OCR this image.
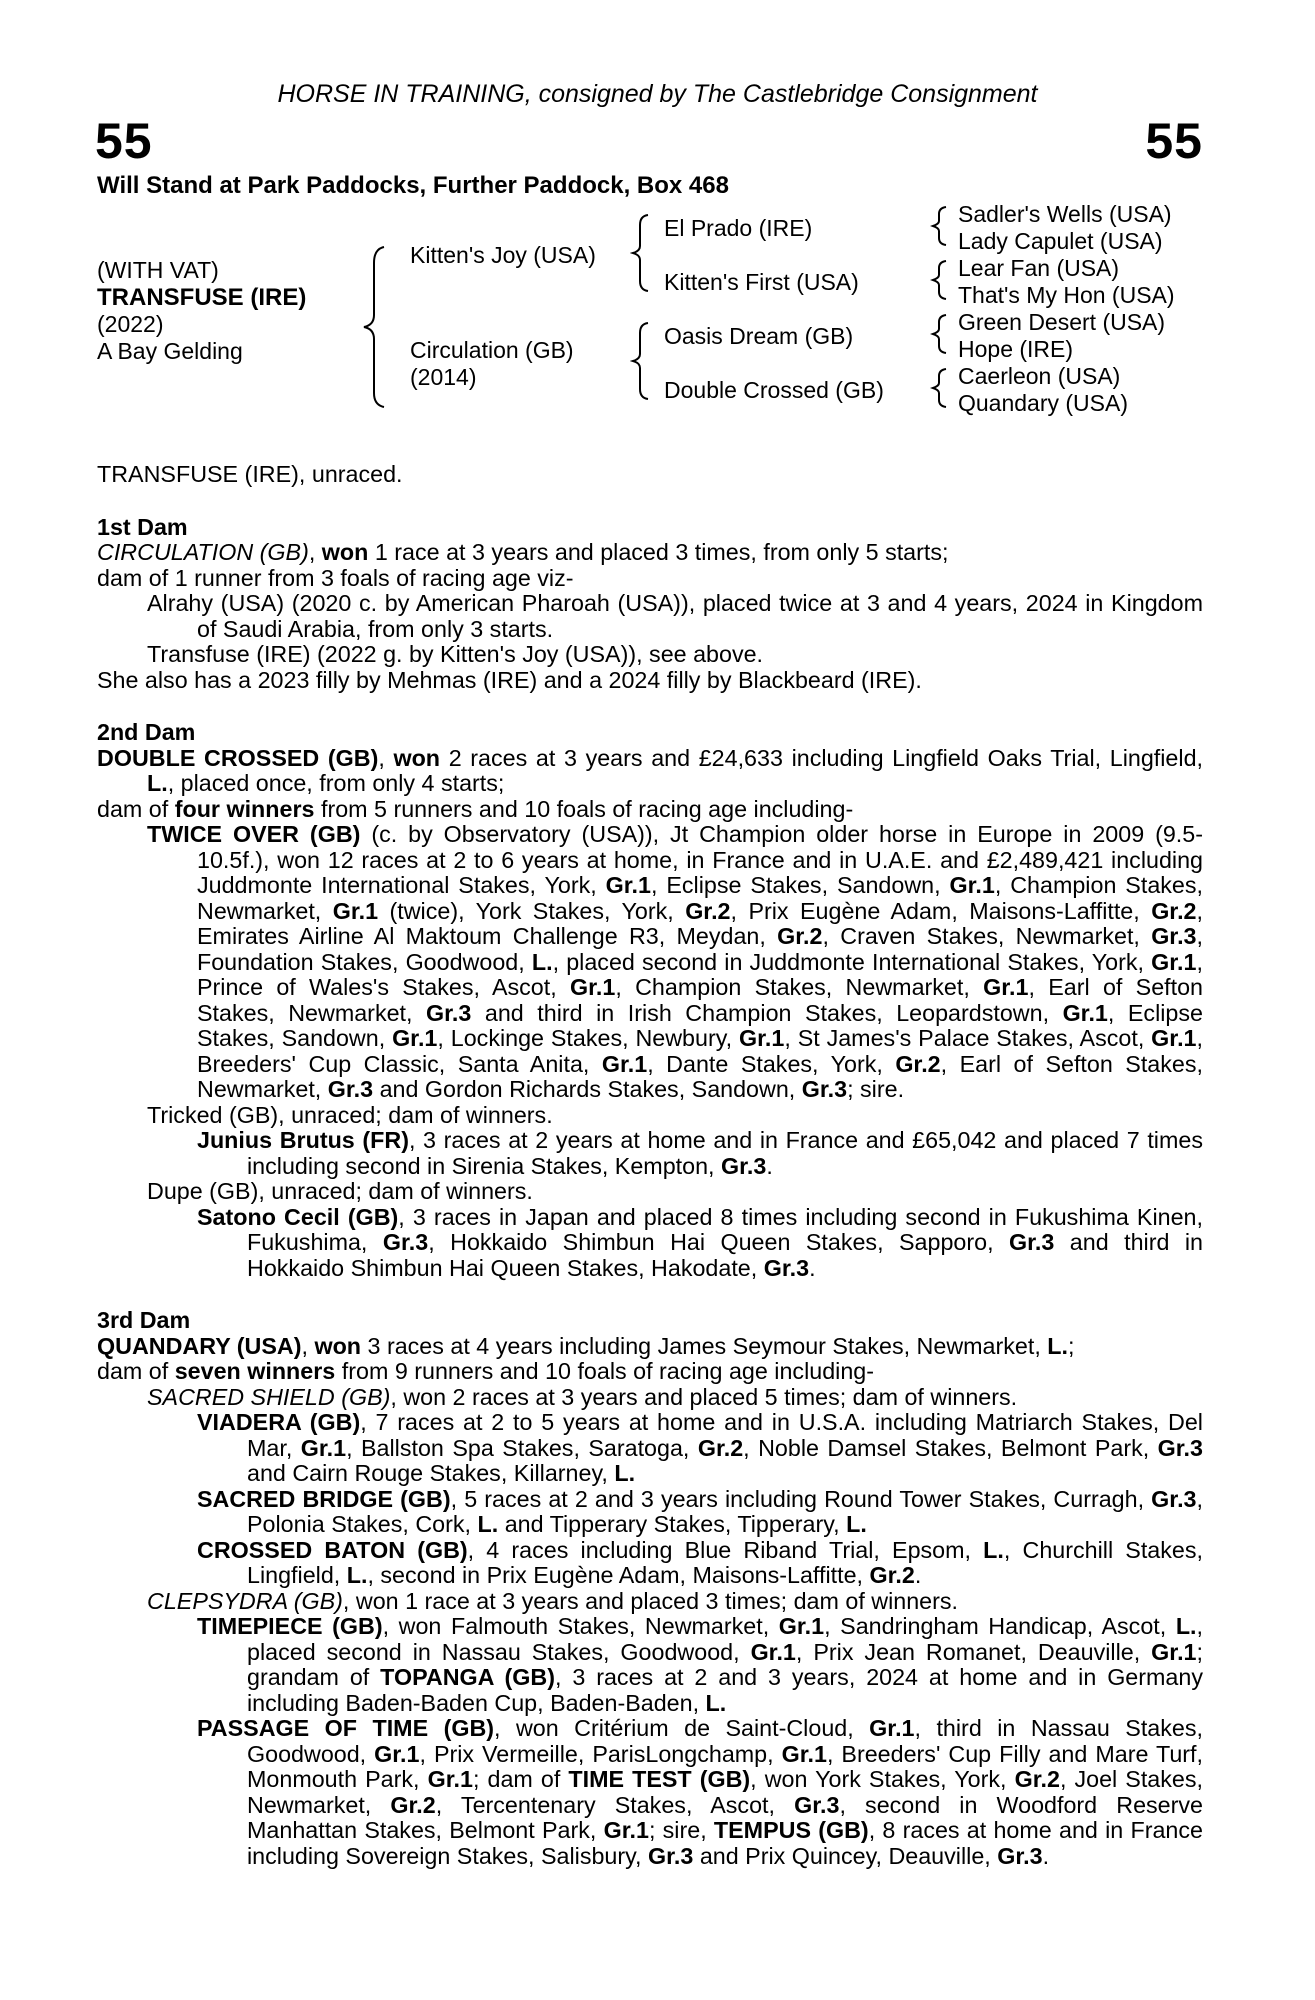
HORSE IN TRAINING, consigned by The Castlebridge Consignment
55	55
Will Stand at Park Paddocks, Further Paddock, Box 468
(WITH VAT)
TRANSFUSE (IRE)
(2022)
A Bay Gelding
Kitten's Joy (USA)
Circulation (GB)
(2014)
El Prado (IRE)
Kitten's First (USA)
Oasis Dream (GB)
Double Crossed (GB)
Sadler's Wells (USA)
Lady Capulet (USA)
Lear Fan (USA)
That's My Hon (USA)
Green Desert (USA)
Hope (IRE)
Caerleon (USA)
Quandary (USA)

TRANSFUSE (IRE), unraced.

1st Dam

CIRCULATION (GB), won 1 race at 3 years and placed 3 times, from only 5 starts;

dam of 1 runner from 3 foals of racing age viz-

Alrahy (USA) (2020 c. by American Pharoah (USA)), placed twice at 3 and 4 years, 2024 in Kingdom of Saudi Arabia, from only 3 starts.

Transfuse (IRE) (2022 g. by Kitten's Joy (USA)), see above.

She also has a 2023 filly by Mehmas (IRE) and a 2024 filly by Blackbeard (IRE).

2nd Dam

DOUBLE CROSSED (GB), won 2 races at 3 years and £24,633 including Lingfield Oaks Trial, Lingfield, L., placed once, from only 4 starts;

dam of four winners from 5 runners and 10 foals of racing age including-

TWICE OVER (GB) (c. by Observatory (USA)), Jt Champion older horse in Europe in 2009 (9.5-10.5f.), won 12 races at 2 to 6 years at home, in France and in U.A.E. and £2,489,421 including Juddmonte International Stakes, York, Gr.1, Eclipse Stakes, Sandown, Gr.1, Champion Stakes, Newmarket, Gr.1 (twice), York Stakes, York, Gr.2, Prix Eugène Adam, Maisons-Laffitte, Gr.2, Emirates Airline Al Maktoum Challenge R3, Meydan, Gr.2, Craven Stakes, Newmarket, Gr.3, Foundation Stakes, Goodwood, L., placed second in Juddmonte International Stakes, York, Gr.1, Prince of Wales's Stakes, Ascot, Gr.1, Champion Stakes, Newmarket, Gr.1, Earl of Sefton Stakes, Newmarket, Gr.3 and third in Irish Champion Stakes, Leopardstown, Gr.1, Eclipse Stakes, Sandown, Gr.1, Lockinge Stakes, Newbury, Gr.1, St James's Palace Stakes, Ascot, Gr.1, Breeders' Cup Classic, Santa Anita, Gr.1, Dante Stakes, York, Gr.2, Earl of Sefton Stakes, Newmarket, Gr.3 and Gordon Richards Stakes, Sandown, Gr.3; sire.

Tricked (GB), unraced; dam of winners.

Junius Brutus (FR), 3 races at 2 years at home and in France and £65,042 and placed 7 times including second in Sirenia Stakes, Kempton, Gr.3.

Dupe (GB), unraced; dam of winners.

Satono Cecil (GB), 3 races in Japan and placed 8 times including second in Fukushima Kinen, Fukushima, Gr.3, Hokkaido Shimbun Hai Queen Stakes, Sapporo, Gr.3 and third in Hokkaido Shimbun Hai Queen Stakes, Hakodate, Gr.3.

3rd Dam

QUANDARY (USA), won 3 races at 4 years including James Seymour Stakes, Newmarket, L.;

dam of seven winners from 9 runners and 10 foals of racing age including-

SACRED SHIELD (GB), won 2 races at 3 years and placed 5 times; dam of winners.

VIADERA (GB), 7 races at 2 to 5 years at home and in U.S.A. including Matriarch Stakes, Del Mar, Gr.1, Ballston Spa Stakes, Saratoga, Gr.2, Noble Damsel Stakes, Belmont Park, Gr.3 and Cairn Rouge Stakes, Killarney, L.

SACRED BRIDGE (GB), 5 races at 2 and 3 years including Round Tower Stakes, Curragh, Gr.3, Polonia Stakes, Cork, L. and Tipperary Stakes, Tipperary, L.

CROSSED BATON (GB), 4 races including Blue Riband Trial, Epsom, L., Churchill Stakes, Lingfield, L., second in Prix Eugène Adam, Maisons-Laffitte, Gr.2.

CLEPSYDRA (GB), won 1 race at 3 years and placed 3 times; dam of winners.

TIMEPIECE (GB), won Falmouth Stakes, Newmarket, Gr.1, Sandringham Handicap, Ascot, L., placed second in Nassau Stakes, Goodwood, Gr.1, Prix Jean Romanet, Deauville, Gr.1; grandam of TOPANGA (GB), 3 races at 2 and 3 years, 2024 at home and in Germany including Baden-Baden Cup, Baden-Baden, L.

PASSAGE OF TIME (GB), won Critérium de Saint-Cloud, Gr.1, third in Nassau Stakes, Goodwood, Gr.1, Prix Vermeille, ParisLongchamp, Gr.1, Breeders' Cup Filly and Mare Turf, Monmouth Park, Gr.1; dam of TIME TEST (GB), won York Stakes, York, Gr.2, Joel Stakes, Newmarket, Gr.2, Tercentenary Stakes, Ascot, Gr.3, second in Woodford Reserve Manhattan Stakes, Belmont Park, Gr.1; sire, TEMPUS (GB), 8 races at home and in France including Sovereign Stakes, Salisbury, Gr.3 and Prix Quincey, Deauville, Gr.3.
